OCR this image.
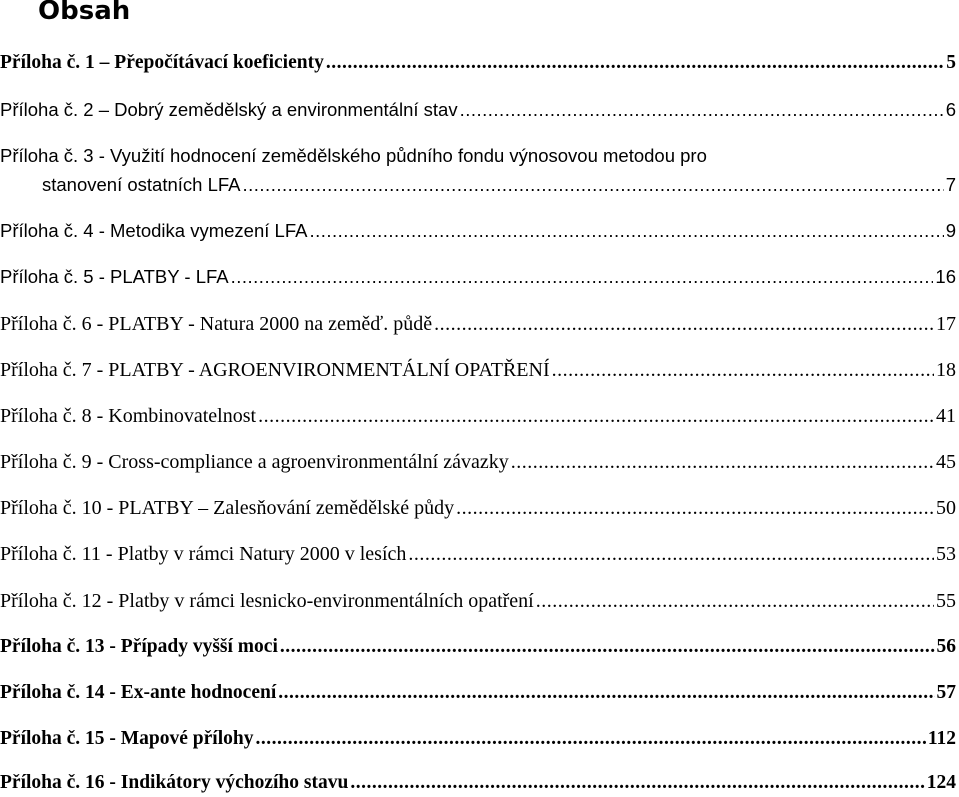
Obsah
Příloha č. 1 – Přepočítávací koeficienty .....	5
Příloha č. 2 – Dobrý zemědělský a environmentální stav .....	6
Příloha č. 3 - Využití hodnocení zemědělského půdního fondu výnosovou metodou pro
stanovení ostatních LFA .....	7
Příloha č. 4 - Metodika vymezení LFA .....	9
Příloha č. 5 - PLATBY - LFA .....	16
Příloha č. 6 - PLATBY - Natura 2000 na zeměď. půdě .....	17
Příloha č. 7 - PLATBY - AGROENVIRONMENTÁLNÍ OPATŘENÍ .....	18
Příloha č. 8 - Kombinovatelnost .....	41
Příloha č. 9 - Cross-compliance a agroenvironmentální závazky .....	45
Příloha č. 10 - PLATBY – Zalesňování zemědělské půdy .....	50
Příloha č. 11 - Platby v rámci Natury 2000 v lesích .....	53
Příloha č. 12 - Platby v rámci lesnicko-environmentálních opatření .....	55
Příloha č. 13 - Případy vyšší moci .....	56
Příloha č. 14 - Ex-ante hodnocení .....	57
Příloha č. 15 - Mapové přílohy .....	112
Příloha č. 16 - Indikátory výchozího stavu .....	124
